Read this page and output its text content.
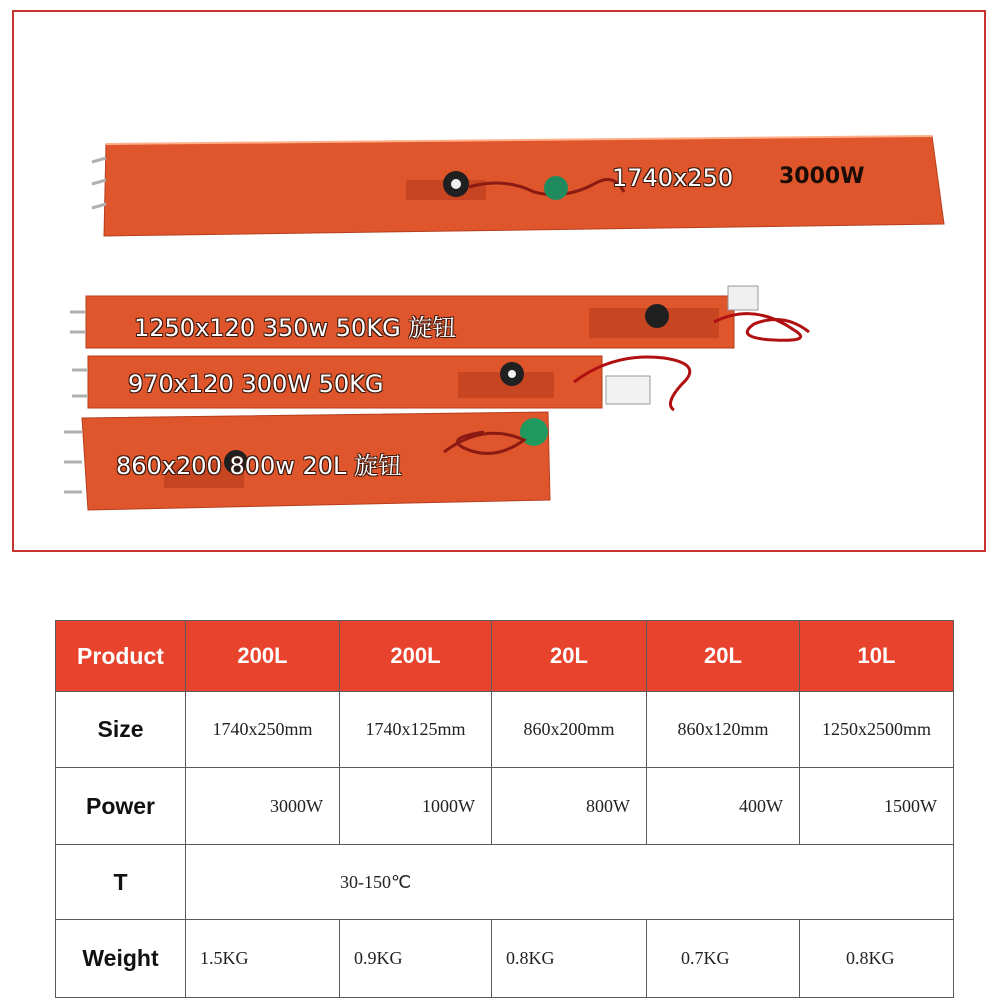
1740x250 3000W
1250x120 350w 50KG 旋钮
970x120 300W 50KG
860x200 800w 20L 旋钮
Product	200L	200L	20L	20L	10L
Size	1740x250mm	1740x125mm	860x200mm	860x120mm	1250x2500mm
Power	3000W	1000W	800W	400W	1500W
T	30-150℃				
Weight	1.5KG	0.9KG	0.8KG	0.7KG	0.8KG
